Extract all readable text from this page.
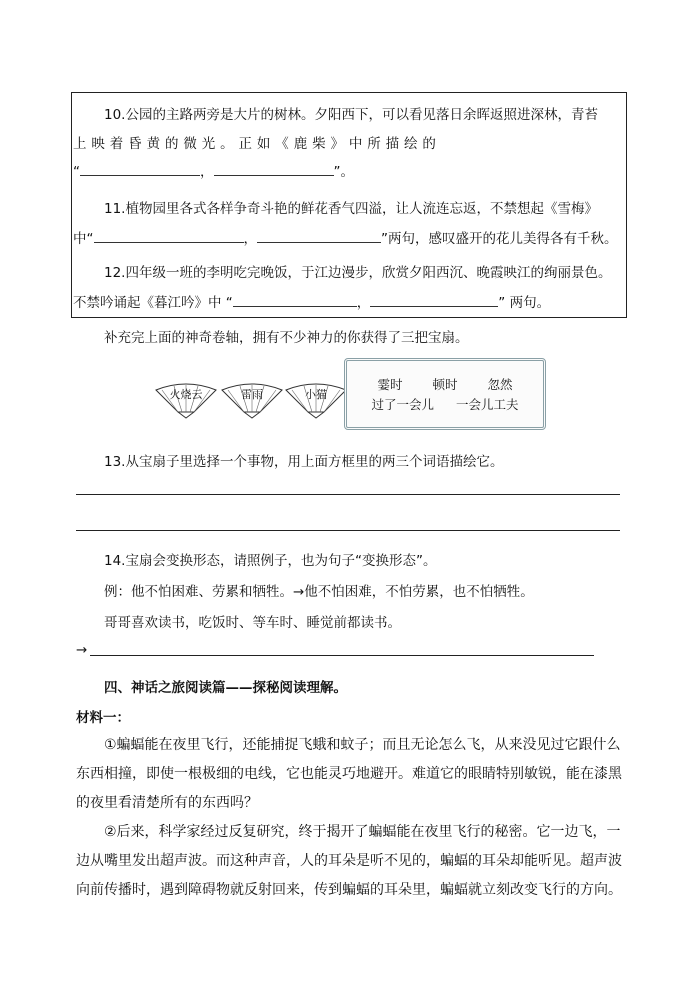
10.公园的主路两旁是大片的树林。夕阳西下，可以看见落日余晖返照进深林，青苔
上 映 着 昏 黄 的 微 光 。 正 如 《 鹿 柴 》 中 所 描 绘 的
“	，	”。
11.植物园里各式各样争奇斗艳的鲜花香气四溢，让人流连忘返，不禁想起《雪梅》
中“	，	”两句，感叹盛开的花儿美得各有千秋。
12.四年级一班的李明吃完晚饭，于江边漫步，欣赏夕阳西沉、晚霞映江的绚丽景色。
不禁吟诵起《暮江吟》中 “	，	” 两句。
补充完上面的神奇卷轴，拥有不少神力的你获得了三把宝扇。
火烧云	雷雨	小猫
霎时 顿时 忽然
过了一会儿 一会儿工夫
13.从宝扇子里选择一个事物，用上面方框里的两三个词语描绘它。
14.宝扇会变换形态，请照例子，也为句子“变换形态”。
例：他不怕困难、劳累和牺牲。→他不怕困难，不怕劳累，也不怕牺牲。
哥哥喜欢读书，吃饭时、等车时、睡觉前都读书。
→
四、神话之旅阅读篇——探秘阅读理解。
材料一：
①蝙蝠能在夜里飞行，还能捕捉飞蛾和蚊子；而且无论怎么飞，从来没见过它跟什么
东西相撞，即使一根极细的电线，它也能灵巧地避开。难道它的眼睛特别敏锐，能在漆黑
的夜里看清楚所有的东西吗？
②后来，科学家经过反复研究，终于揭开了蝙蝠能在夜里飞行的秘密。它一边飞，一
边从嘴里发出超声波。而这种声音，人的耳朵是听不见的，蝙蝠的耳朵却能听见。超声波
向前传播时，遇到障碍物就反射回来，传到蝙蝠的耳朵里，蝙蝠就立刻改变飞行的方向。
